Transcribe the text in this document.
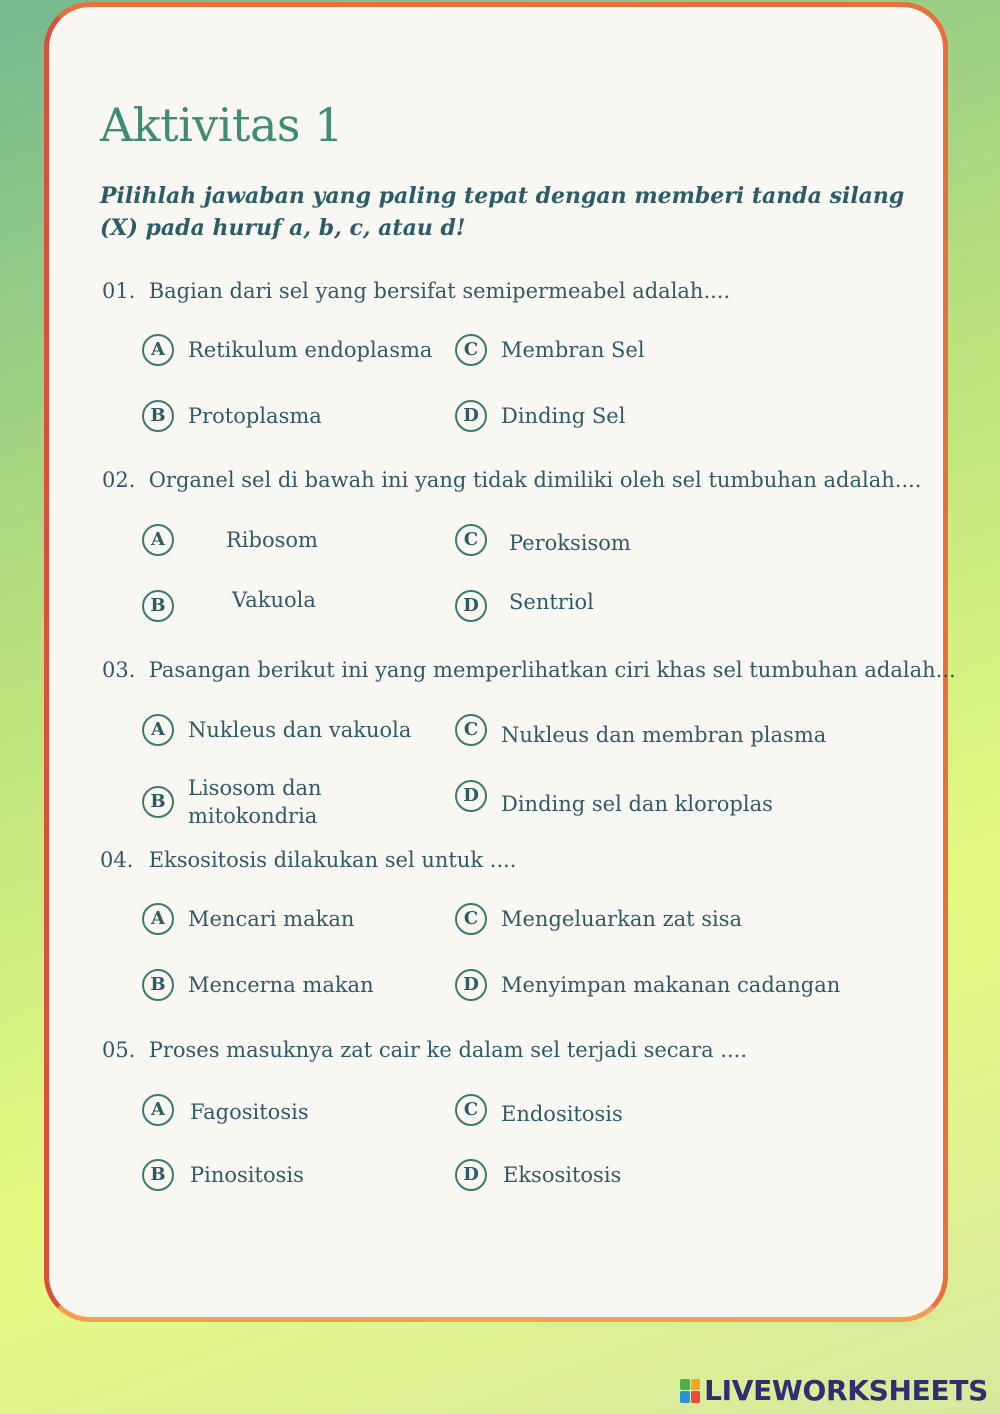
Aktivitas 1

Pilihlah jawaban yang paling tepat dengan memberi tanda silang (X) pada huruf a, b, c, atau d!

01. Bagian dari sel yang bersifat semipermeabel adalah....

A	Retikulum endoplasma
B	Protoplasma
C	Membran Sel
D	Dinding Sel

02. Organel sel di bawah ini yang tidak dimiliki oleh sel tumbuhan adalah....

A	Ribosom
B	Vakuola
C	Peroksisom
D	Sentriol

03. Pasangan berikut ini yang memperlihatkan ciri khas sel tumbuhan adalah...

A	Nukleus dan vakuola
B
Lisosom dan mitokondria
C	Nukleus dan membran plasma
D	Dinding sel dan kloroplas

04. Eksositosis dilakukan sel untuk ....

A	Mencari makan
B	Mencerna makan
C	Mengeluarkan zat sisa
D	Menyimpan makanan cadangan

05. Proses masuknya zat cair ke dalam sel terjadi secara ....

A	Fagositosis
B	Pinositosis
C	Endositosis
D	Eksositosis
LIVEWORKSHEETS
